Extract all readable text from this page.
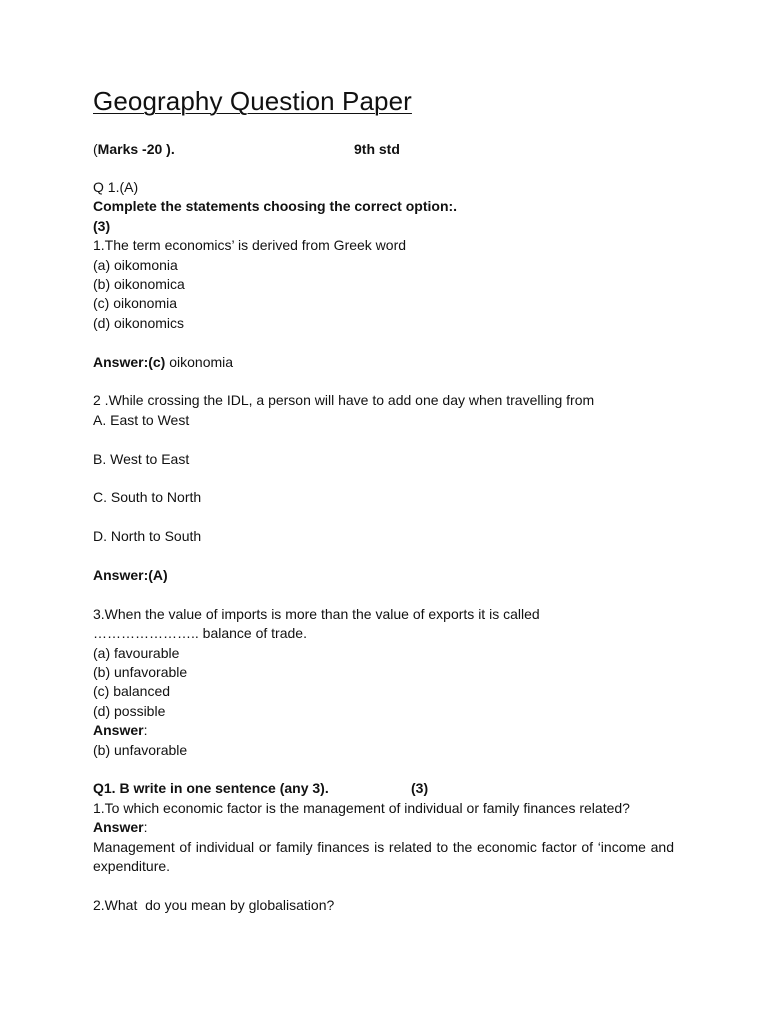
Geography Question Paper
(Marks -20 ).	9th std
Q 1.(A)
Complete the statements choosing the correct option:.
(3)
1.The term economics’ is derived from Greek word
(a) oikomonia
(b) oikonomica
(c) oikonomia
(d) oikonomics
Answer:(c) oikonomia
2 .While crossing the IDL, a person will have to add one day when travelling from
A. East to West
B. West to East
C. South to North
D. North to South
Answer:(A)
3.When the value of imports is more than the value of exports it is called
………………….. balance of trade.
(a) favourable
(b) unfavorable
(c) balanced
(d) possible
Answer:
(b) unfavorable
Q1. B write in one sentence (any 3).	(3)
1.To which economic factor is the management of individual or family finances related?
Answer:
Management of individual or family finances is related to the economic factor of ‘income and expenditure.
2.What  do you mean by globalisation?
